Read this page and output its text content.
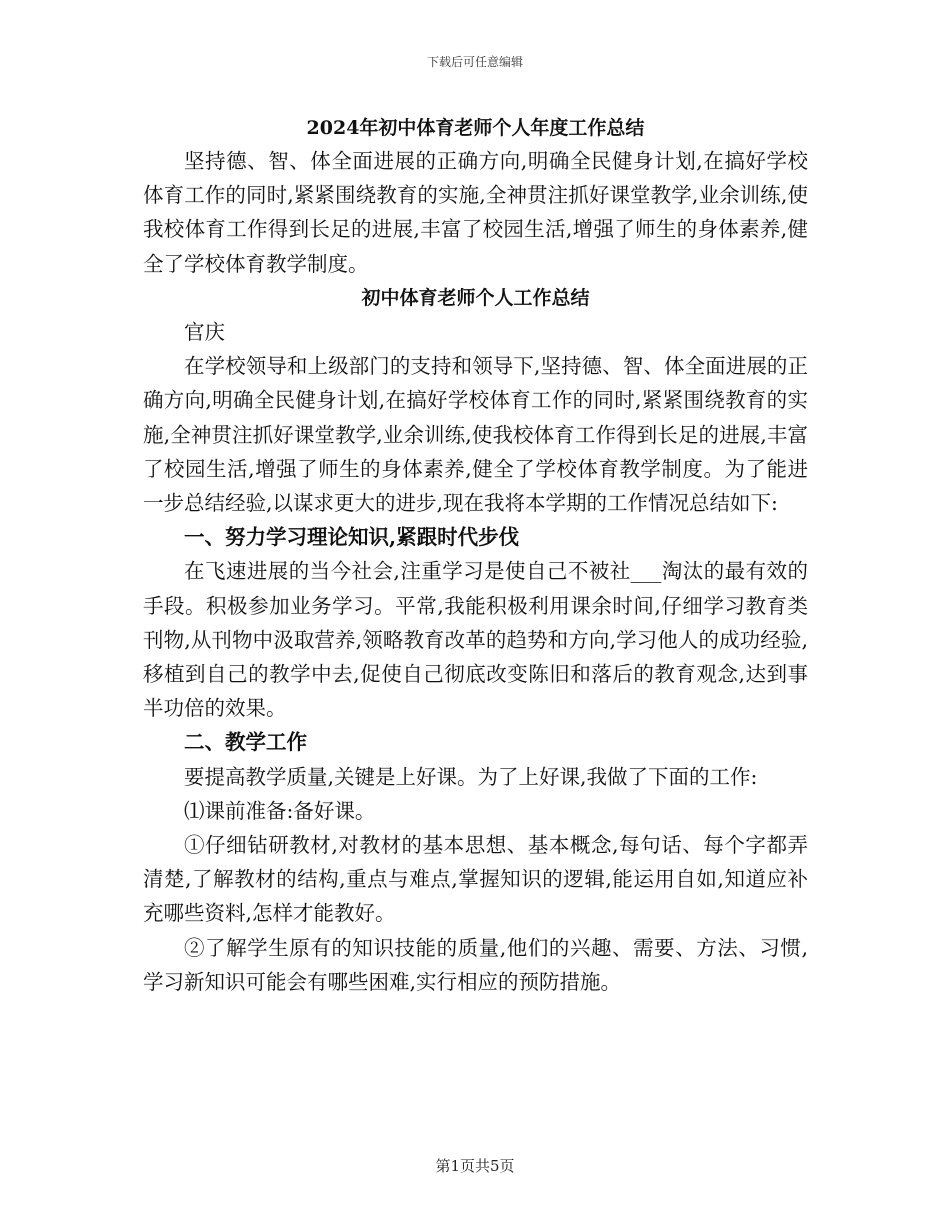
下载后可任意编辑
2024年初中体育老师个人年度工作总结

坚持德、智、体全面进展的正确方向,明确全民健身计划,在搞好学校体育工作的同时,紧紧围绕教育的实施,全神贯注抓好课堂教学,业余训练,使我校体育工作得到长足的进展,丰富了校园生活,增强了师生的身体素养,健全了学校体育教学制度。

初中体育老师个人工作总结

官庆

在学校领导和上级部门的支持和领导下,坚持德、智、体全面进展的正确方向,明确全民健身计划,在搞好学校体育工作的同时,紧紧围绕教育的实施,全神贯注抓好课堂教学,业余训练,使我校体育工作得到长足的进展,丰富了校园生活,增强了师生的身体素养,健全了学校体育教学制度。为了能进一步总结经验,以谋求更大的进步,现在我将本学期的工作情况总结如下:

一、努力学习理论知识,紧跟时代步伐

在飞速进展的当今社会,注重学习是使自己不被社___淘汰的最有效的手段。积极参加业务学习。平常,我能积极利用课余时间,仔细学习教育类刊物,从刊物中汲取营养,领略教育改革的趋势和方向,学习他人的成功经验,移植到自己的教学中去,促使自己彻底改变陈旧和落后的教育观念,达到事半功倍的效果。

二、教学工作

要提高教学质量,关键是上好课。为了上好课,我做了下面的工作:

⑴课前准备:备好课。

①仔细钻研教材,对教材的基本思想、基本概念,每句话、每个字都弄清楚,了解教材的结构,重点与难点,掌握知识的逻辑,能运用自如,知道应补充哪些资料,怎样才能教好。

②了解学生原有的知识技能的质量,他们的兴趣、需要、方法、习惯,学习新知识可能会有哪些困难,实行相应的预防措施。

第1页共5页
